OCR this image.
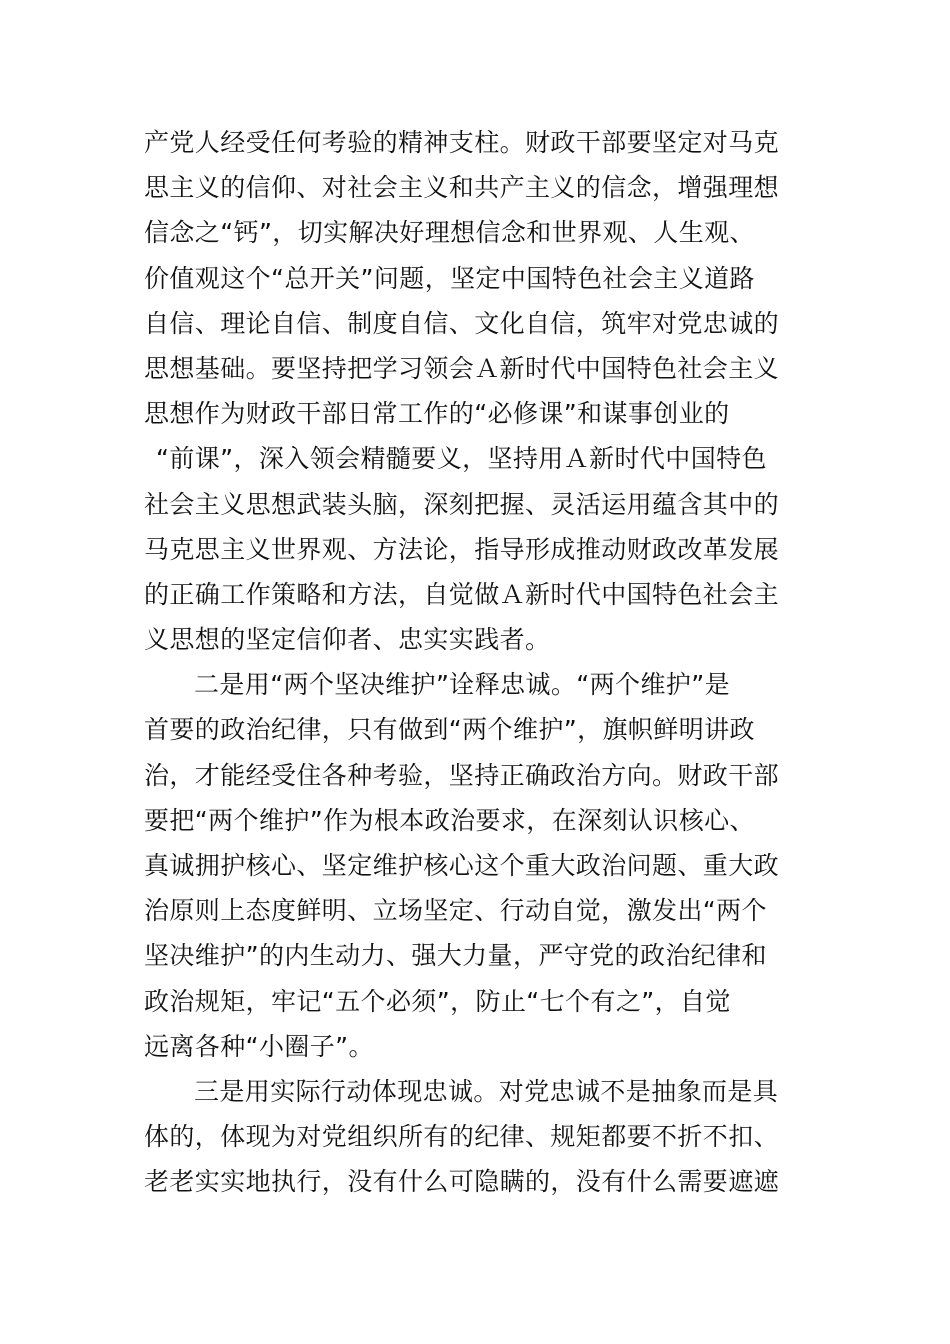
产党人经受任何考验的精神支柱。财政干部要坚定对马克
思主义的信仰、对社会主义和共产主义的信念，增强理想
信念之“钙”，切实解决好理想信念和世界观、人生观、
价值观这个“总开关”问题，坚定中国特色社会主义道路
自信、理论自信、制度自信、文化自信，筑牢对党忠诚的
思想基础。要坚持把学习领会Ａ新时代中国特色社会主义
思想作为财政干部日常工作的“必修课”和谋事创业的
“前课”，深入领会精髓要义，坚持用Ａ新时代中国特色
社会主义思想武装头脑，深刻把握、灵活运用蕴含其中的
马克思主义世界观、方法论，指导形成推动财政改革发展
的正确工作策略和方法，自觉做Ａ新时代中国特色社会主
义思想的坚定信仰者、忠实实践者。
二是用“两个坚决维护”诠释忠诚。“两个维护”是
首要的政治纪律，只有做到“两个维护”，旗帜鲜明讲政
治，才能经受住各种考验，坚持正确政治方向。财政干部
要把“两个维护”作为根本政治要求，在深刻认识核心、
真诚拥护核心、坚定维护核心这个重大政治问题、重大政
治原则上态度鲜明、立场坚定、行动自觉，激发出“两个
坚决维护”的内生动力、强大力量，严守党的政治纪律和
政治规矩，牢记“五个必须”，防止“七个有之”，自觉
远离各种“小圈子”。
三是用实际行动体现忠诚。对党忠诚不是抽象而是具
体的，体现为对党组织所有的纪律、规矩都要不折不扣、
老老实实地执行，没有什么可隐瞒的，没有什么需要遮遮
